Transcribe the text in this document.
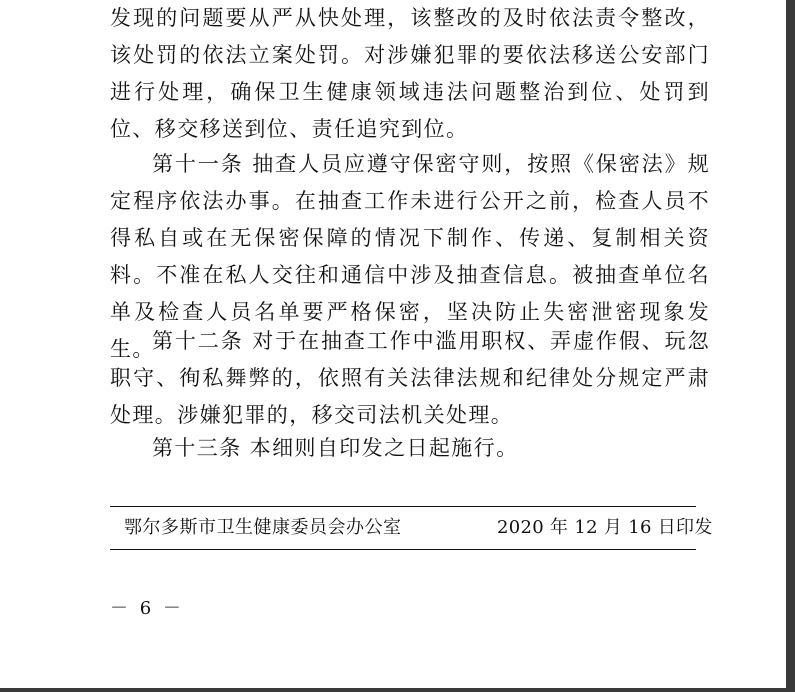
发现的问题要从严从快处理，该整改的及时依法责令整改，该处罚的依法立案处罚。对涉嫌犯罪的要依法移送公安部门进行处理，确保卫生健康领域违法问题整治到位、处罚到位、移交移送到位、责任追究到位。

第十一条 抽查人员应遵守保密守则，按照《保密法》规定程序依法办事。在抽查工作未进行公开之前，检查人员不得私自或在无保密保障的情况下制作、传递、复制相关资料。不准在私人交往和通信中涉及抽查信息。被抽查单位名单及检查人员名单要严格保密，坚决防止失密泄密现象发生。

第十二条 对于在抽查工作中滥用职权、弄虚作假、玩忽职守、徇私舞弊的，依照有关法律法规和纪律处分规定严肃处理。涉嫌犯罪的，移交司法机关处理。

第十三条 本细则自印发之日起施行。

鄂尔多斯市卫生健康委员会办公室	2020 年 12 月 16 日印发
－ 6 －
